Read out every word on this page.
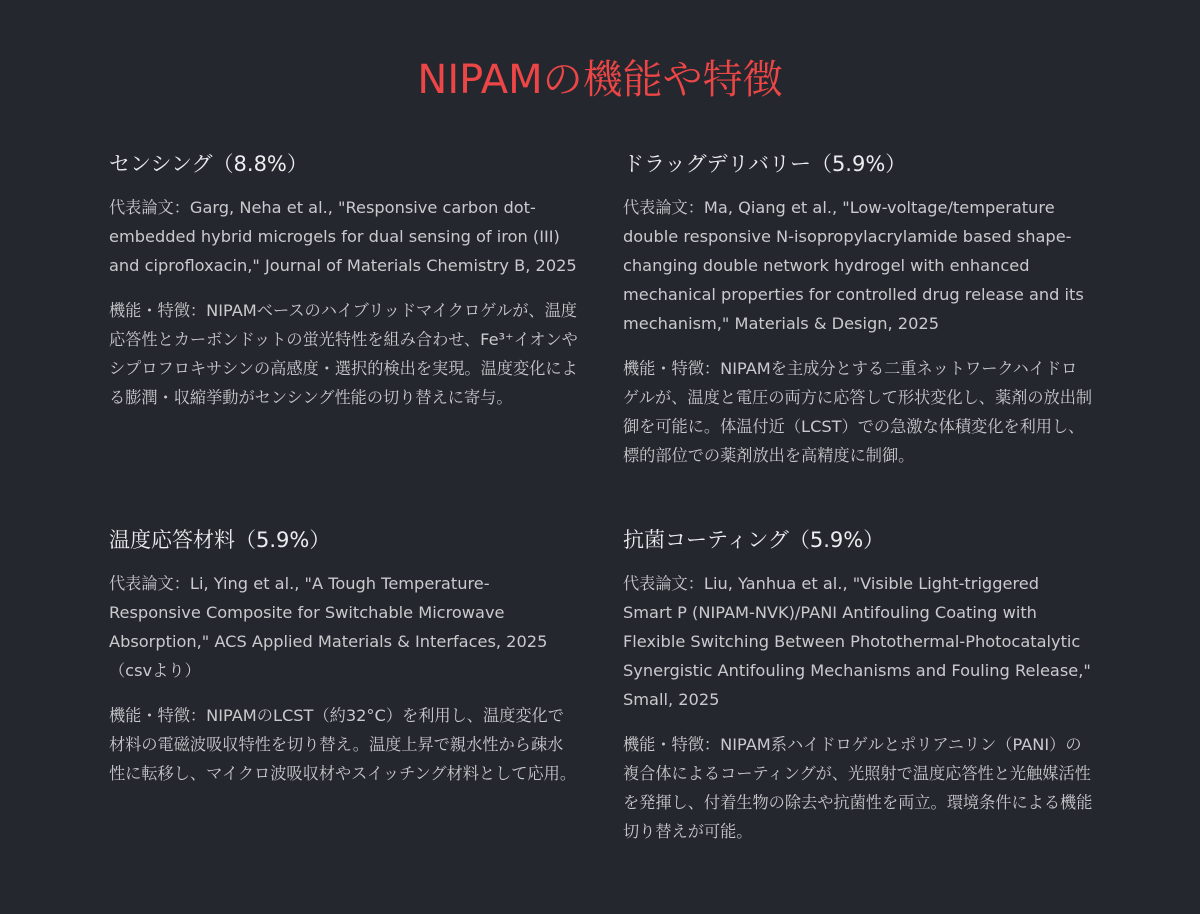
NIPAMの機能や特徴
センシング（8.8%）

代表論文：Garg, Neha et al., "Responsive carbon dot-embedded hybrid microgels for dual sensing of iron (III) and ciprofloxacin," Journal of Materials Chemistry B, 2025

機能・特徴：NIPAMベースのハイブリッドマイクロゲルが、温度応答性とカーボンドットの蛍光特性を組み合わせ、Fe³⁺イオンやシプロフロキサシンの高感度・選択的検出を実現。温度変化による膨潤・収縮挙動がセンシング性能の切り替えに寄与。

ドラッグデリバリー（5.9%）

代表論文：Ma, Qiang et al., "Low-voltage/temperature double responsive N-isopropylacrylamide based shape-changing double network hydrogel with enhanced mechanical properties for controlled drug release and its mechanism," Materials & Design, 2025

機能・特徴：NIPAMを主成分とする二重ネットワークハイドロゲルが、温度と電圧の両方に応答して形状変化し、薬剤の放出制御を可能に。体温付近（LCST）での急激な体積変化を利用し、標的部位での薬剤放出を高精度に制御。

温度応答材料（5.9%）

代表論文：Li, Ying et al., "A Tough Temperature-Responsive Composite for Switchable Microwave Absorption," ACS Applied Materials & Interfaces, 2025（csvより）

機能・特徴：NIPAMのLCST（約32°C）を利用し、温度変化で材料の電磁波吸収特性を切り替え。温度上昇で親水性から疎水性に転移し、マイクロ波吸収材やスイッチング材料として応用。

抗菌コーティング（5.9%）

代表論文：Liu, Yanhua et al., "Visible Light-triggered Smart P (NIPAM-NVK)/PANI Antifouling Coating with Flexible Switching Between Photothermal-Photocatalytic Synergistic Antifouling Mechanisms and Fouling Release," Small, 2025

機能・特徴：NIPAM系ハイドロゲルとポリアニリン（PANI）の複合体によるコーティングが、光照射で温度応答性と光触媒活性を発揮し、付着生物の除去や抗菌性を両立。環境条件による機能切り替えが可能。
